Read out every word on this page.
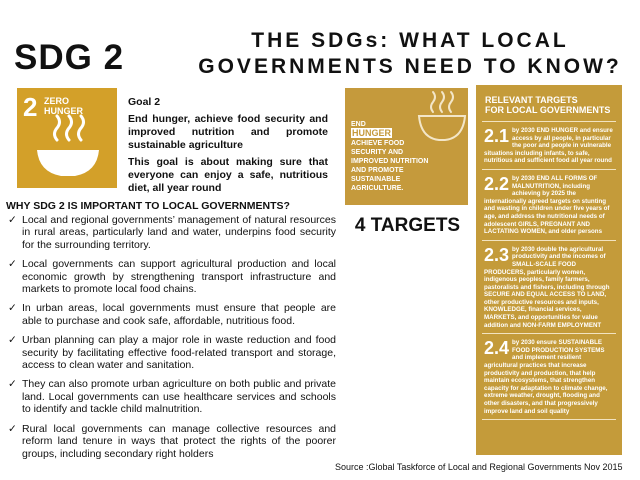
SDG 2	THE SDGs: WHAT LOCAL
GOVERNMENTS NEED TO KNOW?
2 ZERO
HUNGER

Goal 2

End hunger, achieve food security and improved nutrition and promote sustainable agriculture

This goal is about making sure that everyone can enjoy a safe, nutritious diet, all year round

WHY SDG 2 IS IMPORTANT TO LOCAL GOVERNMENTS?
✓ Local and regional governments’ management of natural resources in rural areas, particularly land and water, underpins food security for the surrounding territory.
✓ Local governments can support agricultural production and local economic growth by strengthening transport infrastructure and markets to promote local food chains.
✓ In urban areas, local governments must ensure that people are able to purchase and cook safe, affordable, nutritious food.
✓ Urban planning can play a major role in waste reduction and food security by facilitating effective food-related transport and storage, access to clean water and sanitation.
✓ They can also promote urban agriculture on both public and private land. Local governments can use healthcare services and schools to identify and tackle child malnutrition.
✓ Rural local governments can manage collective resources and reform land tenure in ways that protect the rights of the poorer groups, including secondary right holders
END
HUNGER
ACHIEVE FOOD SECURITY AND IMPROVED NUTRITION AND PROMOTE SUSTAINABLE AGRICULTURE.
4 TARGETS
RELEVANT TARGETS
FOR LOCAL GOVERNMENTS
2.1 by 2030 END HUNGER and ensure access by all people, in particular the poor and people in vulnerable situations including infants, to safe, nutritious and sufficient food all year round
2.2 by 2030 END ALL FORMS OF MALNUTRITION, including achieving by 2025 the internationally agreed targets on stunting and wasting in children under five years of age, and address the nutritional needs of adolescent GIRLS, PREGNANT AND LACTATING WOMEN, and older persons
2.3 by 2030 double the agricultural productivity and the incomes of SMALL-SCALE FOOD PRODUCERS, particularly women, indigenous peoples, family farmers, pastoralists and fishers, including through SECURE AND EQUAL ACCESS TO LAND, other productive resources and inputs, KNOWLEDGE, financial services, MARKETS, and opportunities for value addition and NON-FARM EMPLOYMENT
2.4 by 2030 ensure SUSTAINABLE FOOD PRODUCTION SYSTEMS and implement resilient agricultural practices that increase productivity and production, that help maintain ecosystems, that strengthen capacity for adaptation to climate change, extreme weather, drought, flooding and other disasters, and that progressively improve land and soil quality
Source :Global Taskforce of Local and Regional Governments Nov 2015
